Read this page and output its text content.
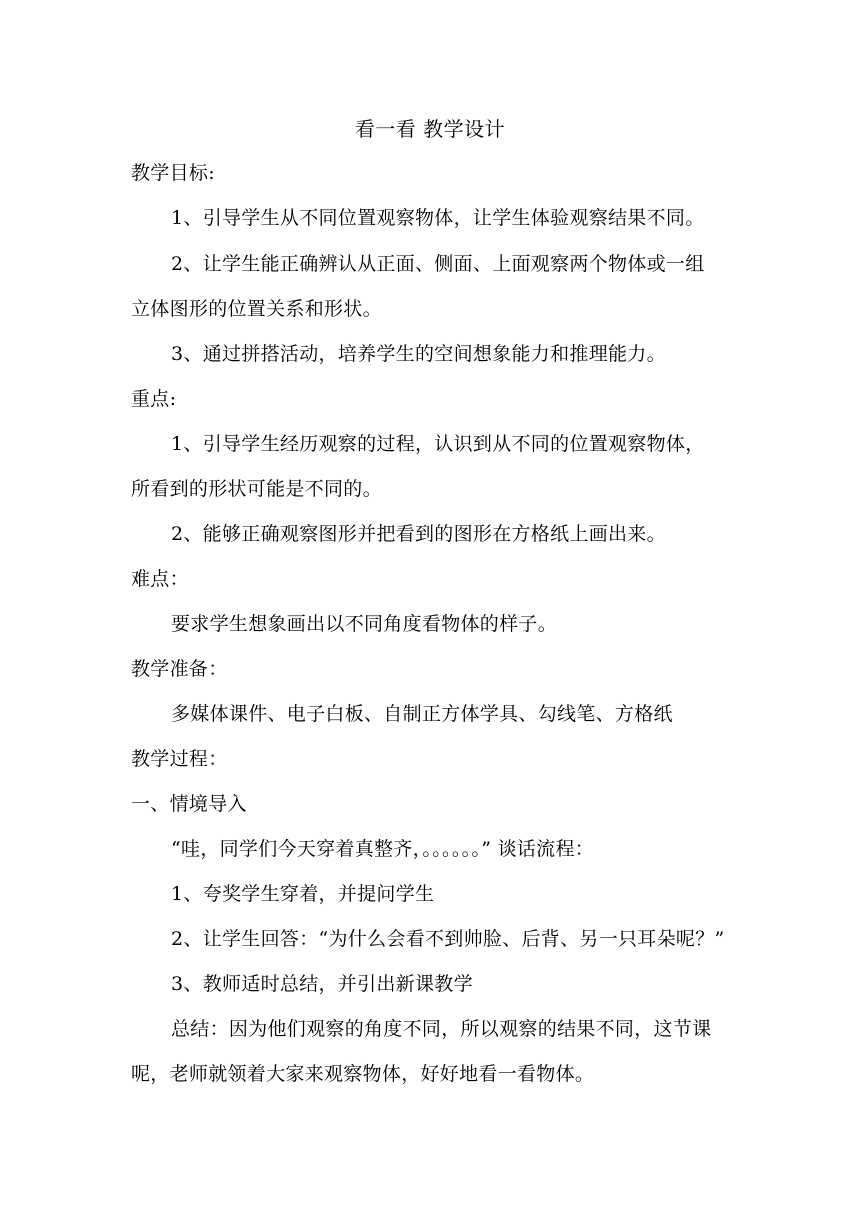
看一看 教学设计
教学目标:
1、引导学生从不同位置观察物体，让学生体验观察结果不同。
2、让学生能正确辨认从正面、侧面、上面观察两个物体或一组
立体图形的位置关系和形状。
3、通过拼搭活动，培养学生的空间想象能力和推理能力。
重点:
1、引导学生经历观察的过程，认识到从不同的位置观察物体，
所看到的形状可能是不同的。
2、能够正确观察图形并把看到的图形在方格纸上画出来。
难点：
要求学生想象画出以不同角度看物体的样子。
教学准备：
多媒体课件、电子白板、自制正方体学具、勾线笔、方格纸
教学过程：
一、情境导入
“哇，同学们今天穿着真整齐，。。。。。。” 谈话流程：
1、夸奖学生穿着，并提问学生
2、让学生回答：“为什么会看不到帅脸、后背、另一只耳朵呢？”
3、教师适时总结，并引出新课教学
总结：因为他们观察的角度不同，所以观察的结果不同，这节课
呢，老师就领着大家来观察物体，好好地看一看物体。
